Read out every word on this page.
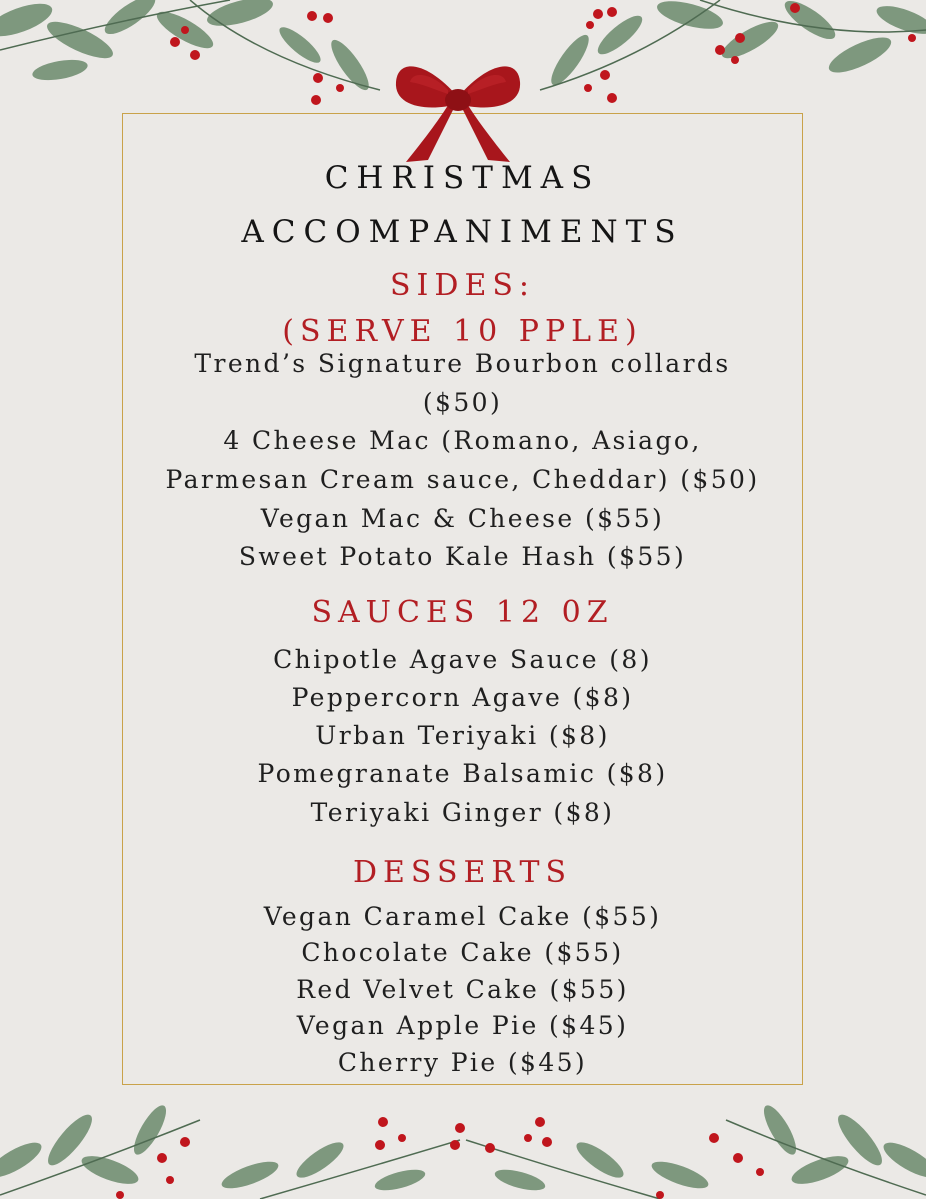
CHRISTMAS
ACCOMPANIMENTS
SIDES:
(SERVE 10 PPLE)
Trend’s Signature Bourbon collards
($50)
4 Cheese Mac (Romano, Asiago,
Parmesan Cream sauce, Cheddar) ($50)
Vegan Mac & Cheese ($55)
Sweet Potato Kale Hash ($55)
SAUCES 12 0Z
Chipotle Agave Sauce (8)
Peppercorn Agave ($8)
Urban Teriyaki ($8)
Pomegranate Balsamic ($8)
Teriyaki Ginger ($8)
DESSERTS
Vegan Caramel Cake ($55)
Chocolate Cake ($55)
Red Velvet Cake ($55)
Vegan Apple Pie ($45)
Cherry Pie ($45)
